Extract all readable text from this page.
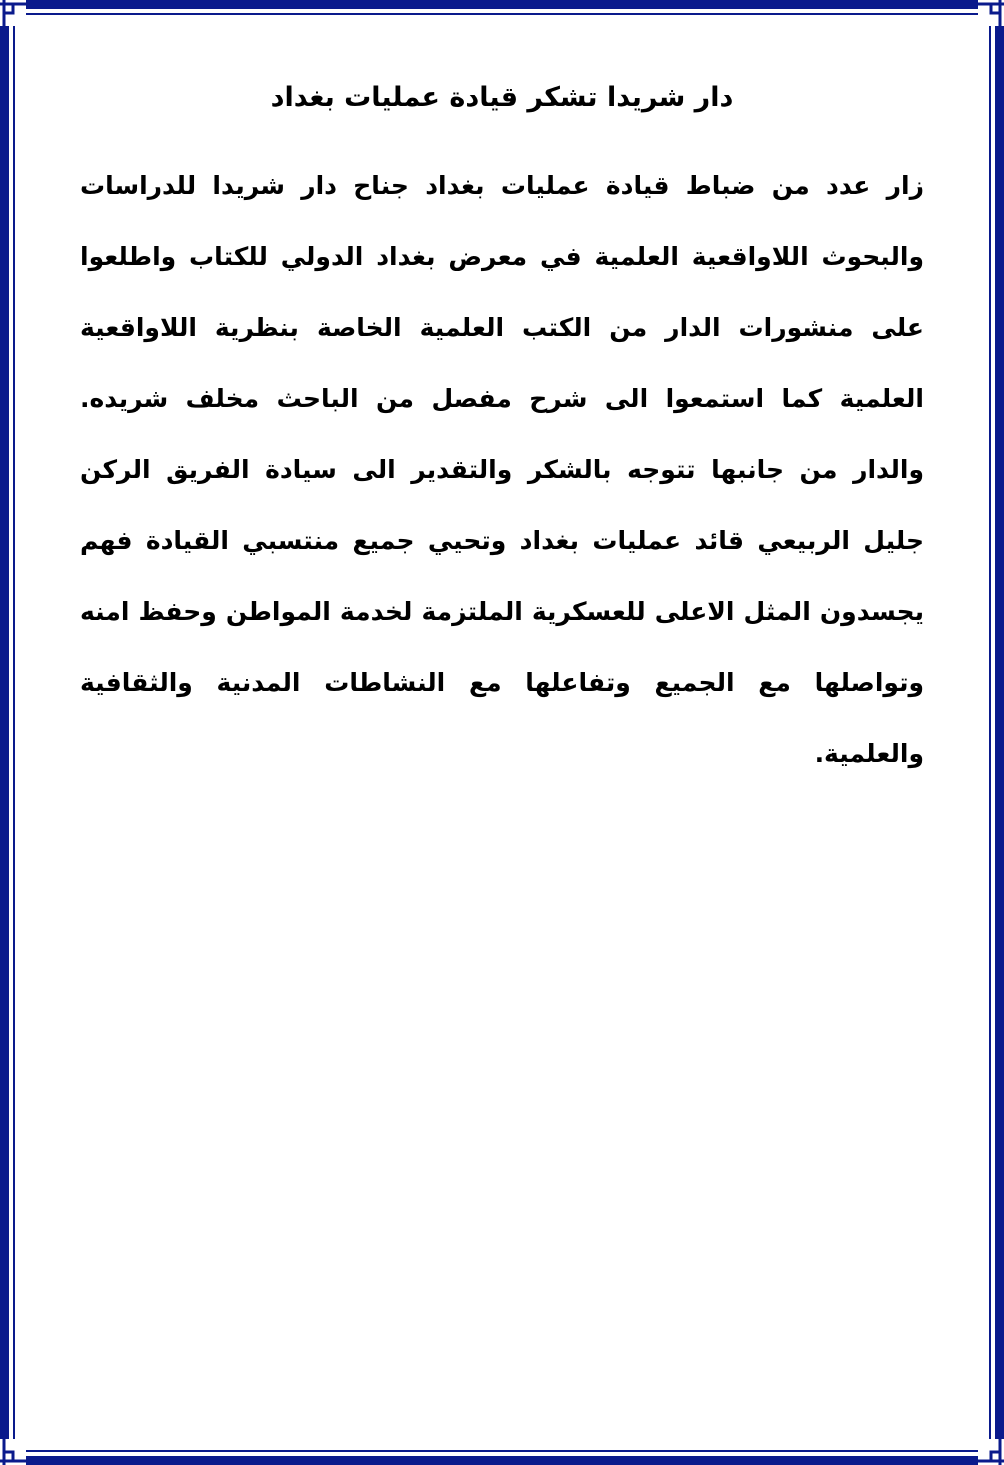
دار شريدا تشكر قيادة عمليات بغداد

زار عدد من ضباط قيادة عمليات بغداد جناح دار شريدا للدراسات والبحوث اللاواقعية العلمية في معرض بغداد الدولي للكتاب واطلعوا على منشورات الدار من الكتب العلمية الخاصة بنظرية اللاواقعية العلمية كما استمعوا الى شرح مفصل من الباحث مخلف شريده. والدار من جانبها تتوجه بالشكر والتقدير الى سيادة الفريق الركن جليل الربيعي قائد عمليات بغداد وتحيي جميع منتسبي القيادة فهم يجسدون المثل الاعلى للعسكرية الملتزمة لخدمة المواطن وحفظ امنه وتواصلها مع الجميع وتفاعلها مع النشاطات المدنية والثقافية والعلمية.
